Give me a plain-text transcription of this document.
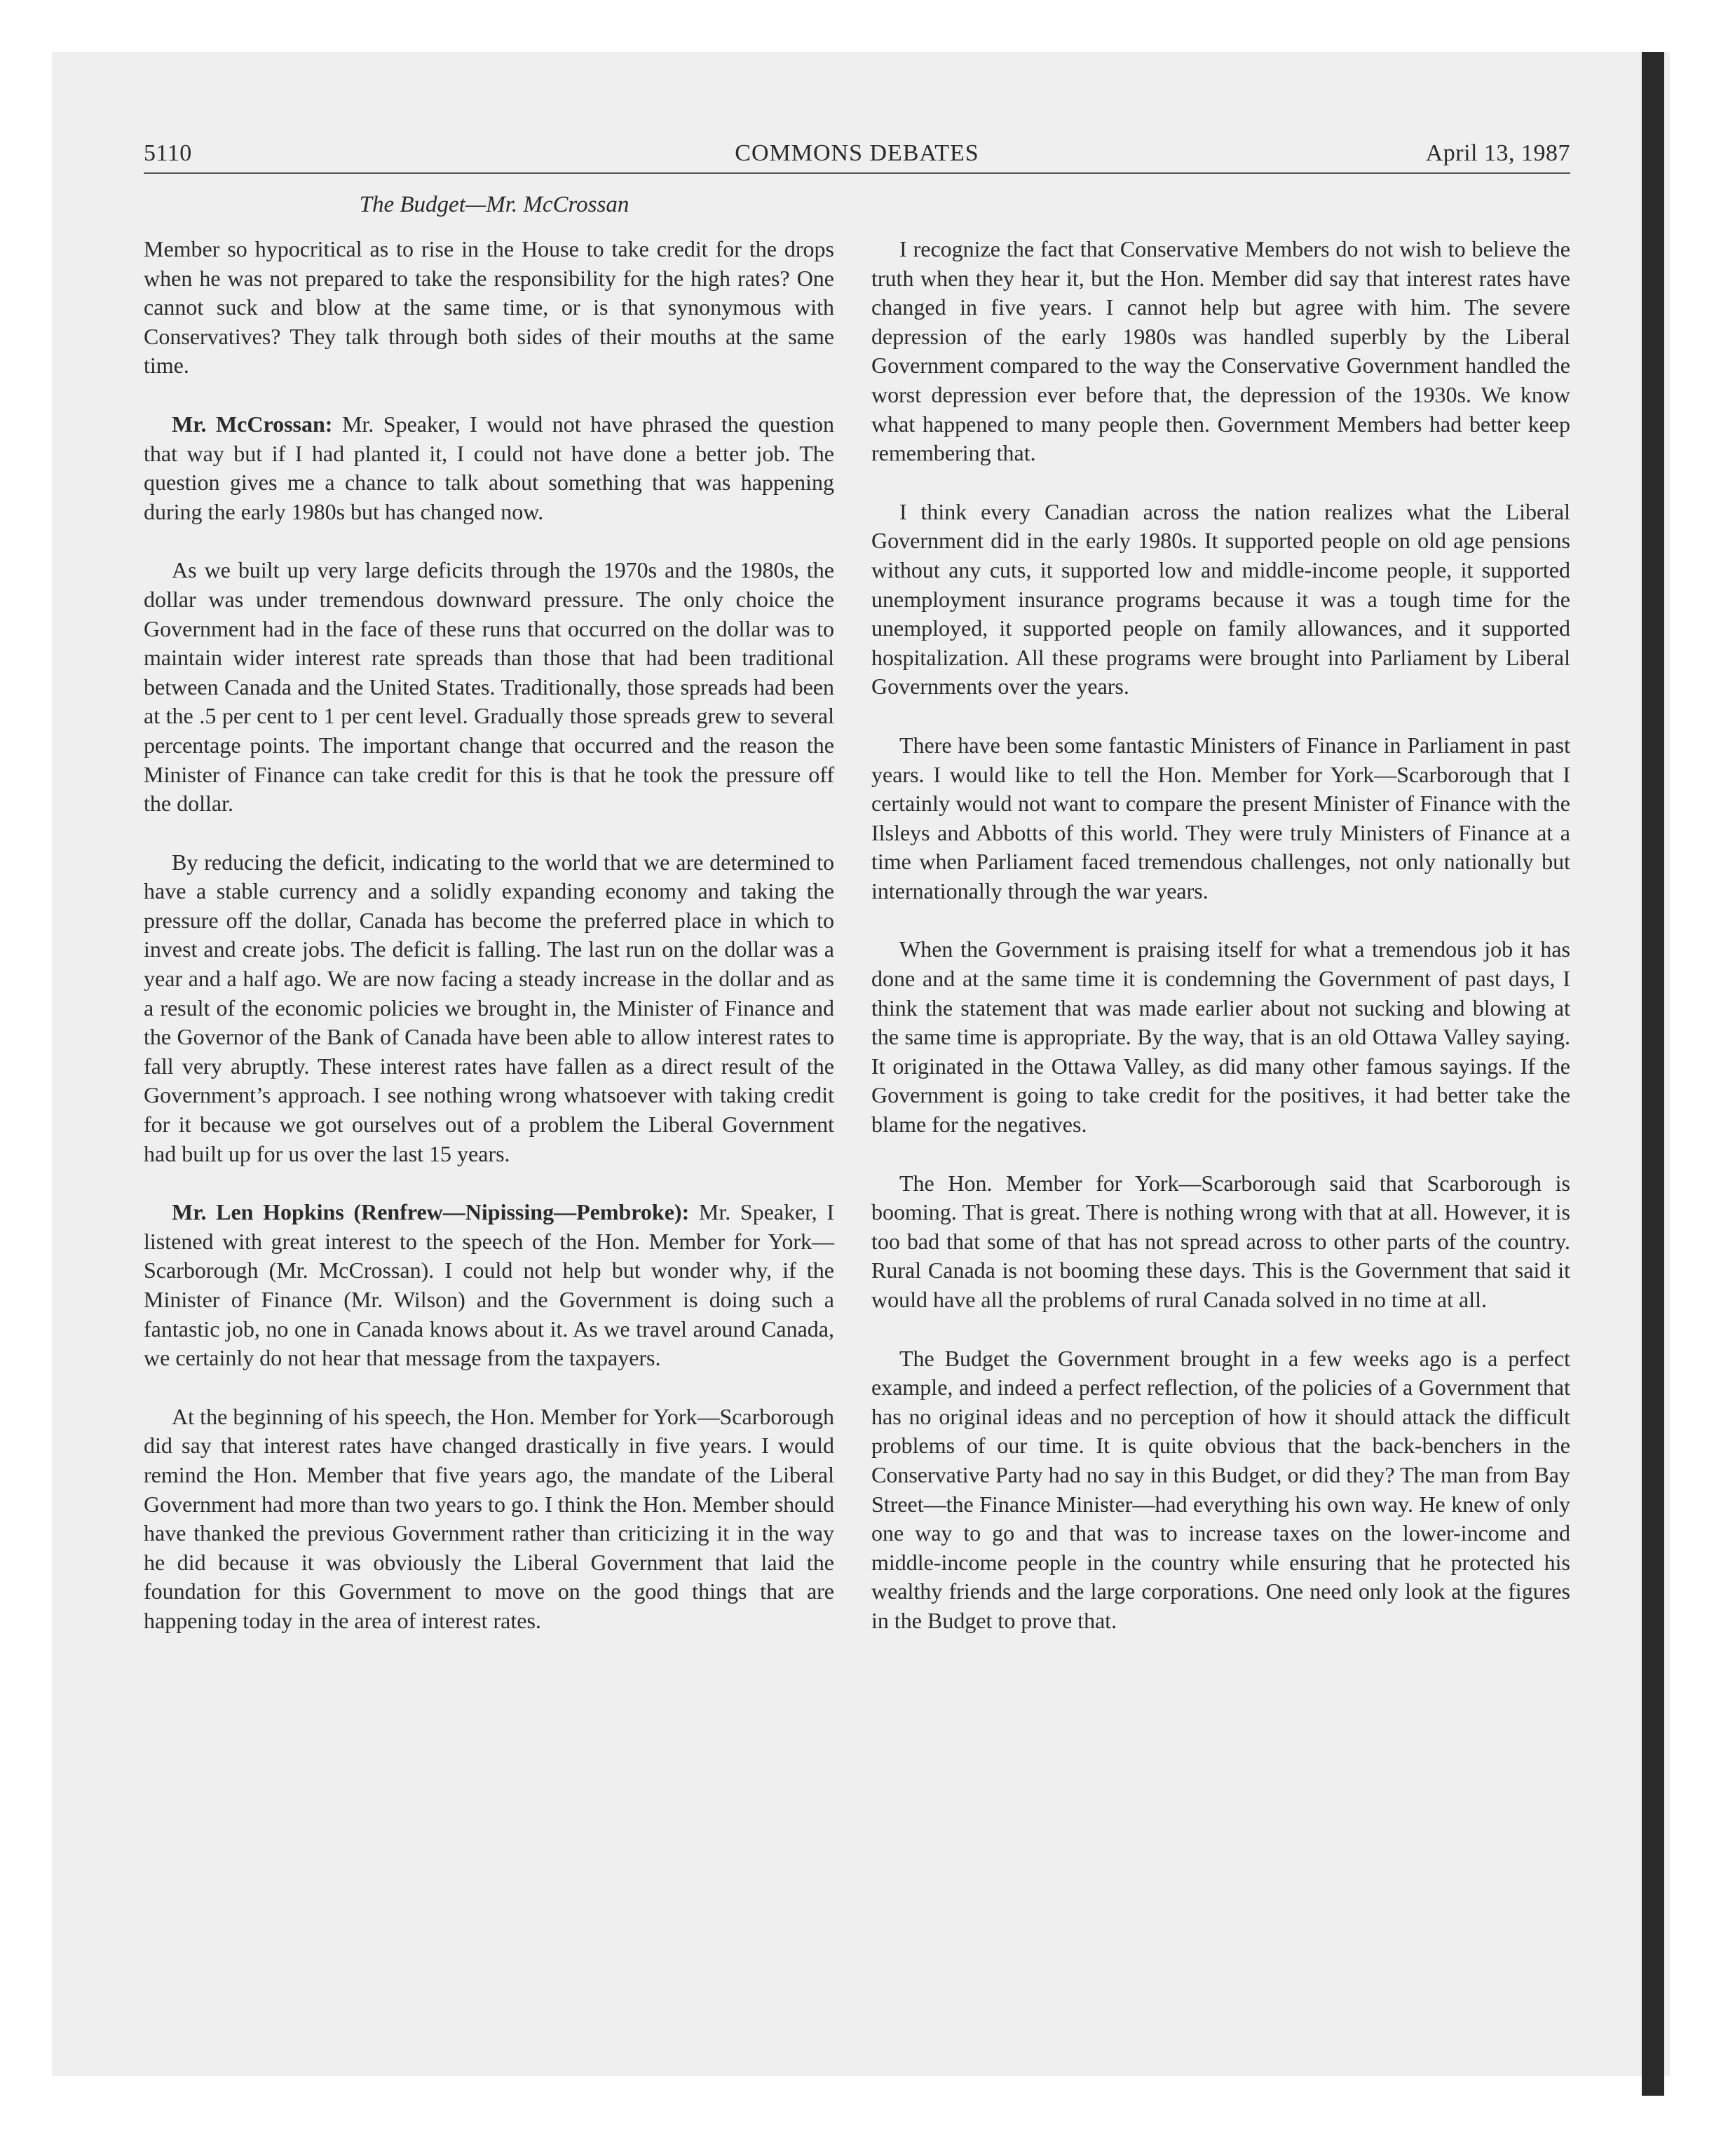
5110	COMMONS DEBATES	April 13, 1987
The Budget—Mr. McCrossan

Member so hypocritical as to rise in the House to take credit for the drops when he was not prepared to take the responsibility for the high rates? One cannot suck and blow at the same time, or is that synonymous with Conservatives? They talk through both sides of their mouths at the same time.

Mr. McCrossan: Mr. Speaker, I would not have phrased the question that way but if I had planted it, I could not have done a better job. The question gives me a chance to talk about something that was happening during the early 1980s but has changed now.

As we built up very large deficits through the 1970s and the 1980s, the dollar was under tremendous downward pressure. The only choice the Government had in the face of these runs that occurred on the dollar was to maintain wider interest rate spreads than those that had been traditional between Canada and the United States. Traditionally, those spreads had been at the .5 per cent to 1 per cent level. Gradually those spreads grew to several percentage points. The important change that occurred and the reason the Minister of Finance can take credit for this is that he took the pressure off the dollar.

By reducing the deficit, indicating to the world that we are determined to have a stable currency and a solidly expanding economy and taking the pressure off the dollar, Canada has become the preferred place in which to invest and create jobs. The deficit is falling. The last run on the dollar was a year and a half ago. We are now facing a steady increase in the dollar and as a result of the economic policies we brought in, the Minister of Finance and the Governor of the Bank of Canada have been able to allow interest rates to fall very abruptly. These interest rates have fallen as a direct result of the Government’s approach. I see nothing wrong whatsoever with taking credit for it because we got ourselves out of a problem the Liberal Government had built up for us over the last 15 years.

Mr. Len Hopkins (Renfrew—Nipissing—Pembroke): Mr. Speaker, I listened with great interest to the speech of the Hon. Member for York—Scarborough (Mr. McCrossan). I could not help but wonder why, if the Minister of Finance (Mr. Wilson) and the Government is doing such a fantastic job, no one in Canada knows about it. As we travel around Canada, we certainly do not hear that message from the taxpayers.

At the beginning of his speech, the Hon. Member for York—Scarborough did say that interest rates have changed drastically in five years. I would remind the Hon. Member that five years ago, the mandate of the Liberal Government had more than two years to go. I think the Hon. Member should have thanked the previous Government rather than criticizing it in the way he did because it was obviously the Liberal Government that laid the foundation for this Government to move on the good things that are happening today in the area of interest rates.

I recognize the fact that Conservative Members do not wish to believe the truth when they hear it, but the Hon. Member did say that interest rates have changed in five years. I cannot help but agree with him. The severe depression of the early 1980s was handled superbly by the Liberal Government compared to the way the Conservative Government handled the worst depression ever before that, the depression of the 1930s. We know what happened to many people then. Government Members had better keep remembering that.

I think every Canadian across the nation realizes what the Liberal Government did in the early 1980s. It supported people on old age pensions without any cuts, it supported low and middle-income people, it supported unemployment insurance programs because it was a tough time for the unemployed, it supported people on family allowances, and it supported hospitalization. All these programs were brought into Parliament by Liberal Governments over the years.

There have been some fantastic Ministers of Finance in Parliament in past years. I would like to tell the Hon. Member for York—Scarborough that I certainly would not want to compare the present Minister of Finance with the Ilsleys and Abbotts of this world. They were truly Ministers of Finance at a time when Parliament faced tremendous challenges, not only nationally but internationally through the war years.

When the Government is praising itself for what a tremendous job it has done and at the same time it is condemning the Government of past days, I think the statement that was made earlier about not sucking and blowing at the same time is appropriate. By the way, that is an old Ottawa Valley saying. It originated in the Ottawa Valley, as did many other famous sayings. If the Government is going to take credit for the positives, it had better take the blame for the negatives.

The Hon. Member for York—Scarborough said that Scarborough is booming. That is great. There is nothing wrong with that at all. However, it is too bad that some of that has not spread across to other parts of the country. Rural Canada is not booming these days. This is the Government that said it would have all the problems of rural Canada solved in no time at all.

The Budget the Government brought in a few weeks ago is a perfect example, and indeed a perfect reflection, of the policies of a Government that has no original ideas and no perception of how it should attack the difficult problems of our time. It is quite obvious that the back-benchers in the Conservative Party had no say in this Budget, or did they? The man from Bay Street—the Finance Minister—had everything his own way. He knew of only one way to go and that was to increase taxes on the lower-income and middle-income people in the country while ensuring that he protected his wealthy friends and the large corporations. One need only look at the figures in the Budget to prove that.
